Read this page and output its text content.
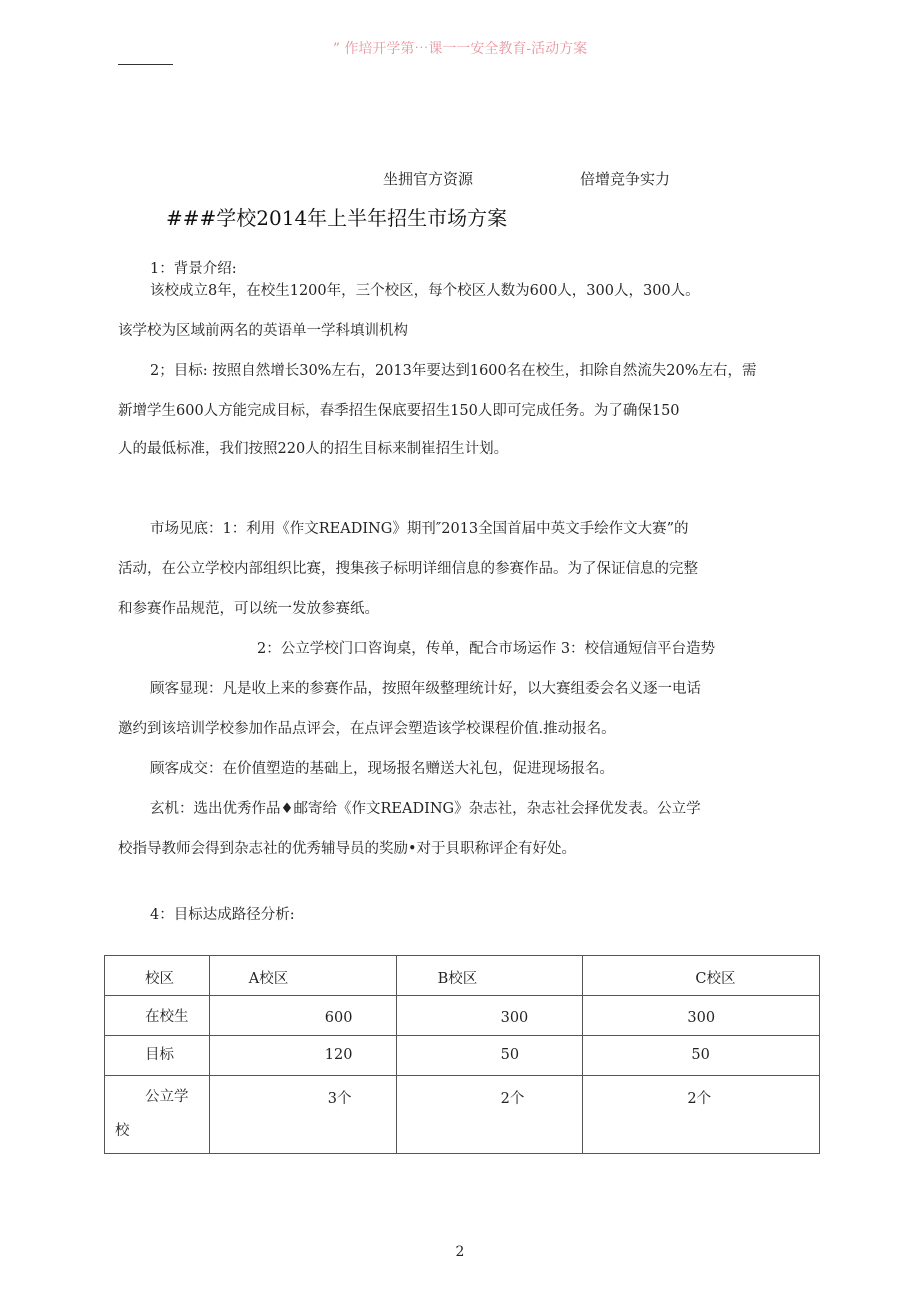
” 作培开学第⋯课一一安全教育-活动方案
坐拥官方资源	倍增竞争实力
###学校2014年上半年招生市场方案
1：背景介绍:
该校成立8年，在校生1200年，三个校区，每个校区人数为600人，300人，300人。
该学校为区域前两名的英语单一学科填训机构
2；目标: 按照自然增长30%左右，2013年要达到1600名在校生，扣除自然流失20%左右，需
新增学生600人方能完成目标，春季招生保底要招生150人即可完成任务。为了确保150
人的最低标准，我们按照220人的招生目标来制崔招生计划。
市场见底：1：利用《作文READING》期刊″2013全国首届中英文手绘作文大赛”的
活动，在公立学校内部组织比赛，搜集孩子标明详细信息的参赛作品。为了保证信息的完整
和参赛作品规范，可以统一发放参赛纸。
2：公立学校门口咨询桌，传单，配合市场运作 3：校信通短信平台造势
顾客显现：凡是收上来的参赛作品，按照年级整理统计好，以大赛组委会名义逐一电话
邀约到该培训学校参加作品点评会，在点评会塑造该学校课程价值.推动报名。
顾客成交：在价值塑造的基础上，现场报名赠送大礼包，促进现场报名。
玄机：选出优秀作品♦邮寄给《作文READING》杂志社，杂志社会择优发表。公立学
校指导教师会得到杂志社的优秀辅导员的奖励•对于貝职称评企有好处。
4：目标达成路径分析:
校区	A校区	B校区	C校区

在校生	600	300	300

目标	120	50	50

公立学
校	3个	2个	2个
2
